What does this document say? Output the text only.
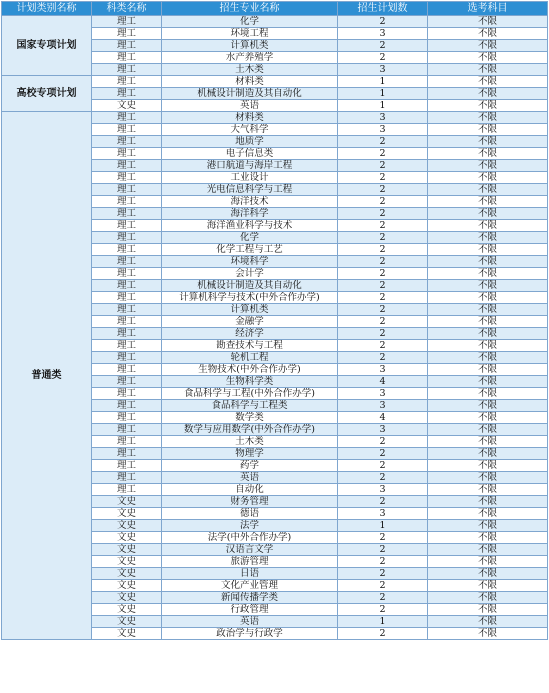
计划类别名称	科类名称	招生专业名称	招生计划数	选考科目
国家专项计划	理工	化学	2	不限
	理工	环境工程	3	不限
	理工	计算机类	2	不限
	理工	水产养殖学	2	不限
	理工	土木类	3	不限
高校专项计划	理工	材料类	1	不限
	理工	机械设计制造及其自动化	1	不限
	文史	英语	1	不限
普通类	理工	材料类	3	不限
	理工	大气科学	3	不限
	理工	地质学	2	不限
	理工	电子信息类	2	不限
	理工	港口航道与海岸工程	2	不限
	理工	工业设计	2	不限
	理工	光电信息科学与工程	2	不限
	理工	海洋技术	2	不限
	理工	海洋科学	2	不限
	理工	海洋渔业科学与技术	2	不限
	理工	化学	2	不限
	理工	化学工程与工艺	2	不限
	理工	环境科学	2	不限
	理工	会计学	2	不限
	理工	机械设计制造及其自动化	2	不限
	理工	计算机科学与技术(中外合作办学)	2	不限
	理工	计算机类	2	不限
	理工	金融学	2	不限
	理工	经济学	2	不限
	理工	勘查技术与工程	2	不限
	理工	轮机工程	2	不限
	理工	生物技术(中外合作办学)	3	不限
	理工	生物科学类	4	不限
	理工	食品科学与工程(中外合作办学)	3	不限
	理工	食品科学与工程类	3	不限
	理工	数学类	4	不限
	理工	数学与应用数学(中外合作办学)	3	不限
	理工	土木类	2	不限
	理工	物理学	2	不限
	理工	药学	2	不限
	理工	英语	2	不限
	理工	自动化	3	不限
	文史	财务管理	2	不限
	文史	德语	3	不限
	文史	法学	1	不限
	文史	法学(中外合作办学)	2	不限
	文史	汉语言文学	2	不限
	文史	旅游管理	2	不限
	文史	日语	2	不限
	文史	文化产业管理	2	不限
	文史	新闻传播学类	2	不限
	文史	行政管理	2	不限
	文史	英语	1	不限
	文史	政治学与行政学	2	不限
